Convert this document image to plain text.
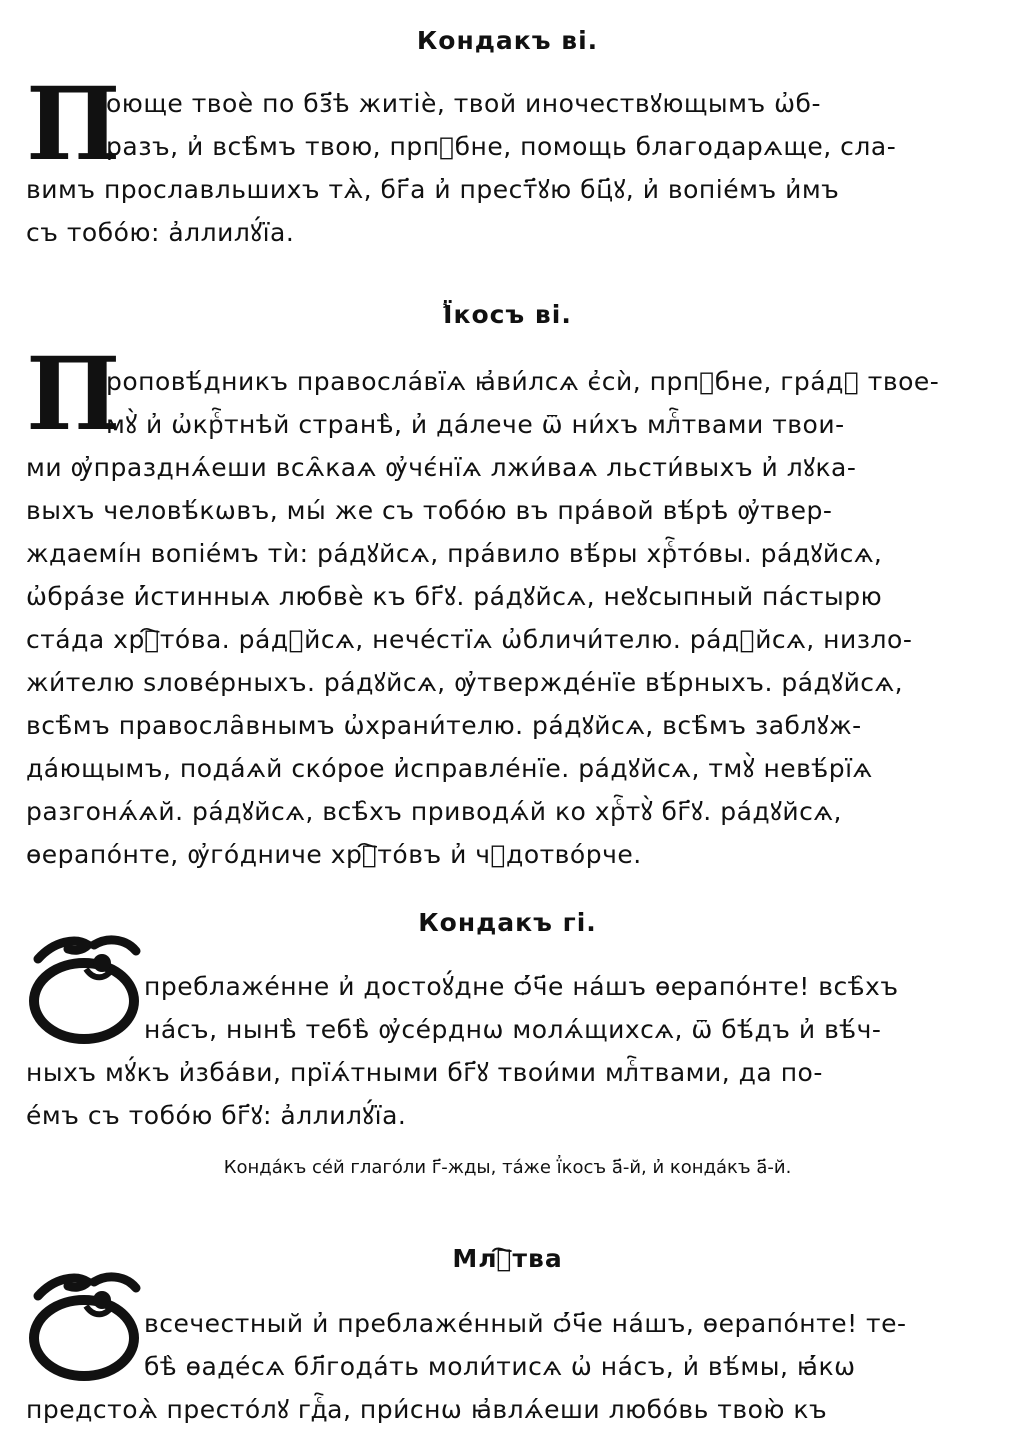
Кондакъ вi.
П
оющe твоѐ по бз҃ѣ житiѐ, твой иночествꙋющымъ ѡ҆б-
разъ, и҆ всѣ̑мъ твою, прпⷣбне, помощь благодарѧще, сла-
вимъ прославльшихъ тѧ̀, бг҃а и҆ прест҃ꙋю бц҃ꙋ, и҆ вопiе́мъ и҆мъ
съ тобо́ю: а҆ллилꙋ́їа.
Ї҆косъ вi.
П
роповѣ́дникъ правосла́вїѧ ꙗ҆ви́лсѧ є҆сѝ, прпⷣбне, гра́дꙋ твое-
мꙋ̀ и҆ ѡ҆крⷭ҇тнѣй странѣ̀, и҆ да́лече ѿ ни́хъ млⷭ҇твами твои-
ми ѹ҆празднѧ́еши всѧ̑каѧ ѹ҆чє́нїѧ лжи́ваѧ льсти́выхъ и҆ лꙋка-
выхъ человѣ́кѡвъ, мы́ же съ тобо́ю въ пра́вой вѣ́рѣ ѹ҆твер-
ждаемíн вопiе́мъ тѝ: ра́дꙋйсѧ, пра́вило вѣ́ры хрⷭ҇то́вы. ра́дꙋйсѧ,
ѡ҆бра́зе и҆́стинныѧ любвѐ къ бг҃ꙋ. ра́дꙋйсѧ, неꙋсыпный па́стырю
ста́да хрⷭ҇то́ва. ра́дꙋйсѧ, нече́стїѧ ѡ҆бличи́телю. ра́дꙋйсѧ, низло-
жи́телю ѕлове́рныхъ. ра́дꙋйсѧ, ѹ҆твержде́нїе вѣ́рныхъ. ра́дꙋйсѧ,
всѣ̑мъ правосла̑внымъ ѡ҆храни́телю. ра́дꙋйсѧ, всѣ̑мъ заблꙋж-
да́ющымъ, пода́ѧй ско́рое и҆справле́нїе. ра́дꙋйсѧ, тмꙋ̀ невѣ́рїѧ
разгонѧ́ѧй. ра́дꙋйсѧ, всѣ̑хъ приводѧ́й ко хрⷭ҇тꙋ̀ бг҃ꙋ. ра́дꙋйсѧ,
ѳерапо́нте, ѹ҆го́дниче хрⷭ҇то́въ и҆ чꙋдотво́рче.
Кондакъ гi.
преблаже́нне и҆ достоꙋ́дне ѻ҆́ч҃е на́шъ ѳерапо́нте! всѣ̑хъ
на́съ, нынѣ̀ тебѣ̀ ѹ҆се́рднѡ молѧ́щихсѧ, ѿ бѣ́дъ и҆ вѣ́ч-
ныхъ мꙋ́къ и҆зба́ви, прїѧ́тными бг҃ꙋ твои́ми млⷭ҇твами, да по-
е́мъ съ тобо́ю бг҃ꙋ: а҆ллилꙋ́їа.
Конда́къ се́й глаго́ли г҃-жды, та́же ї҆косъ а҃-й, и҆ конда́къ а҃-й.
Млⷭ҇тва
всечестный и҆ преблаже́нный ѻ҆́ч҃е на́шъ, ѳерапо́нте! те-
бѣ̀ ѳаде́сѧ бл҃года́ть моли́тисѧ ѡ҆ на́съ, и҆ вѣ́мы, ꙗ҆́кѡ
предстоѧ̀ престо́лꙋ гдⷭ҇а, при́снѡ ꙗ҆влѧ́еши любо́вь твою̀ къ
